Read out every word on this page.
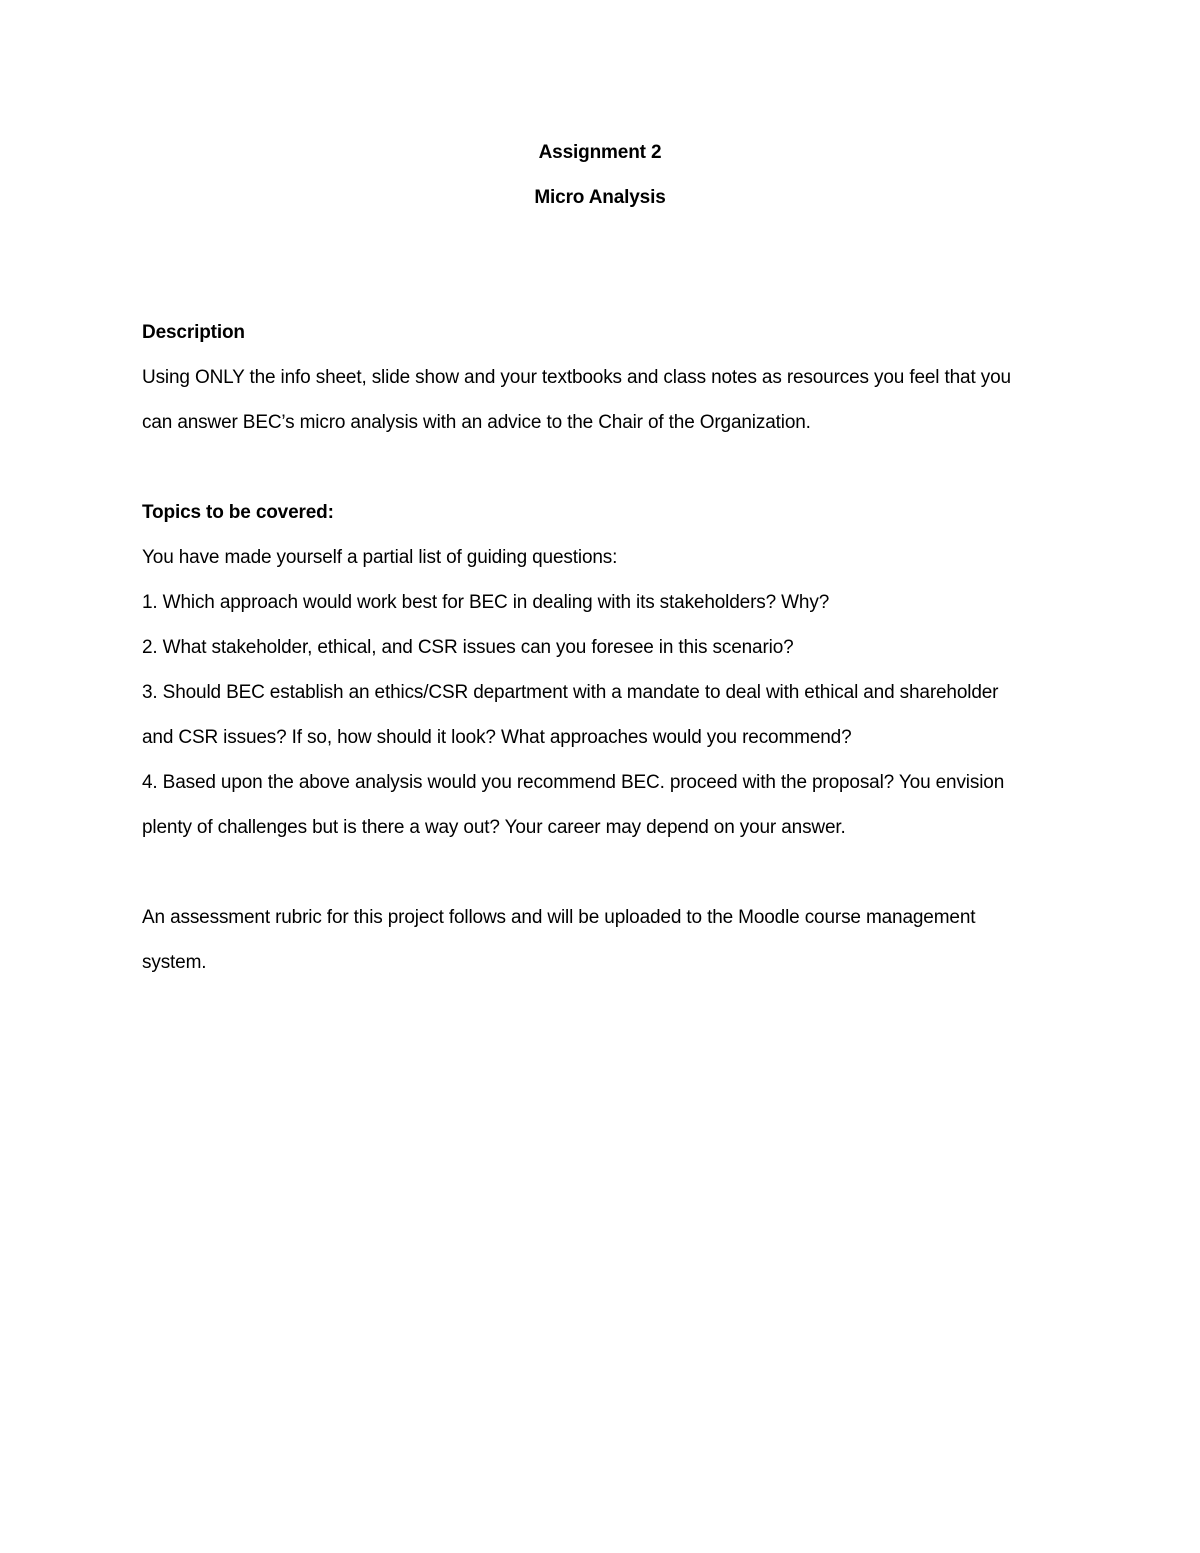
Assignment 2
Micro Analysis
Description
Using ONLY the info sheet, slide show and your textbooks and class notes as resources you feel that you
can answer BEC’s micro analysis with an advice to the Chair of the Organization.
Topics to be covered:
You have made yourself a partial list of guiding questions:
1. Which approach would work best for BEC in dealing with its stakeholders? Why?
2. What stakeholder, ethical, and CSR issues can you foresee in this scenario?
3. Should BEC establish an ethics/CSR department with a mandate to deal with ethical and shareholder
and CSR issues? If so, how should it look? What approaches would you recommend?
4. Based upon the above analysis would you recommend BEC. proceed with the proposal? You envision
plenty of challenges but is there a way out? Your career may depend on your answer.
An assessment rubric for this project follows and will be uploaded to the Moodle course management
system.
